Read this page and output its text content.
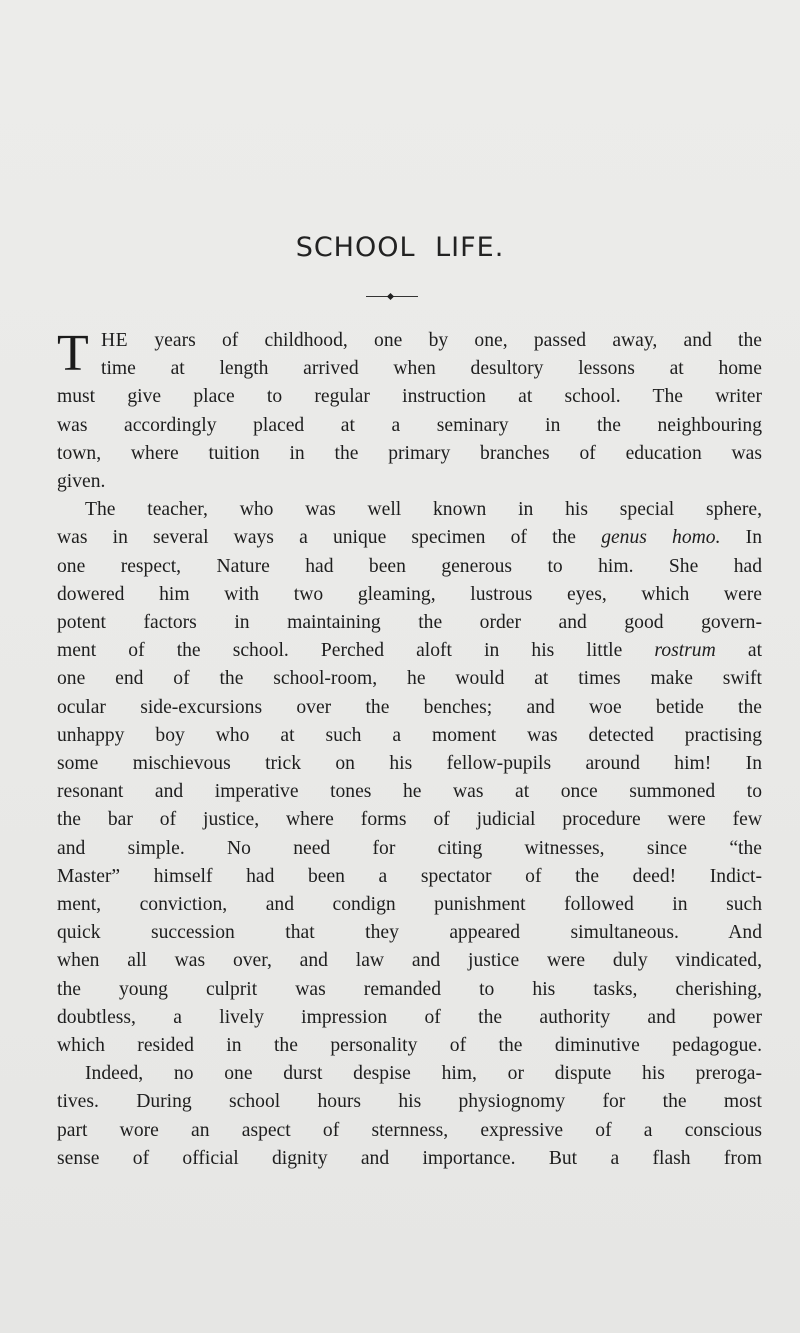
SCHOOL LIFE.
T HE years of childhood, one by one, passed away, and the
time at length arrived when desultory lessons at home
must give place to regular instruction at school. The writer
was accordingly placed at a seminary in the neighbouring
town, where tuition in the primary branches of education was
given.
The teacher, who was well known in his special sphere,
was in several ways a unique specimen of the genus homo. In
one respect, Nature had been generous to him. She had
dowered him with two gleaming, lustrous eyes, which were
potent factors in maintaining the order and good govern-
ment of the school. Perched aloft in his little rostrum at
one end of the school-room, he would at times make swift
ocular side-excursions over the benches; and woe betide the
unhappy boy who at such a moment was detected practising
some mischievous trick on his fellow-pupils around him! In
resonant and imperative tones he was at once summoned to
the bar of justice, where forms of judicial procedure were few
and simple. No need for citing witnesses, since “the
Master” himself had been a spectator of the deed! Indict-
ment, conviction, and condign punishment followed in such
quick succession that they appeared simultaneous. And
when all was over, and law and justice were duly vindicated,
the young culprit was remanded to his tasks, cherishing,
doubtless, a lively impression of the authority and power
which resided in the personality of the diminutive pedagogue.
Indeed, no one durst despise him, or dispute his preroga-
tives. During school hours his physiognomy for the most
part wore an aspect of sternness, expressive of a conscious
sense of official dignity and importance. But a flash from
